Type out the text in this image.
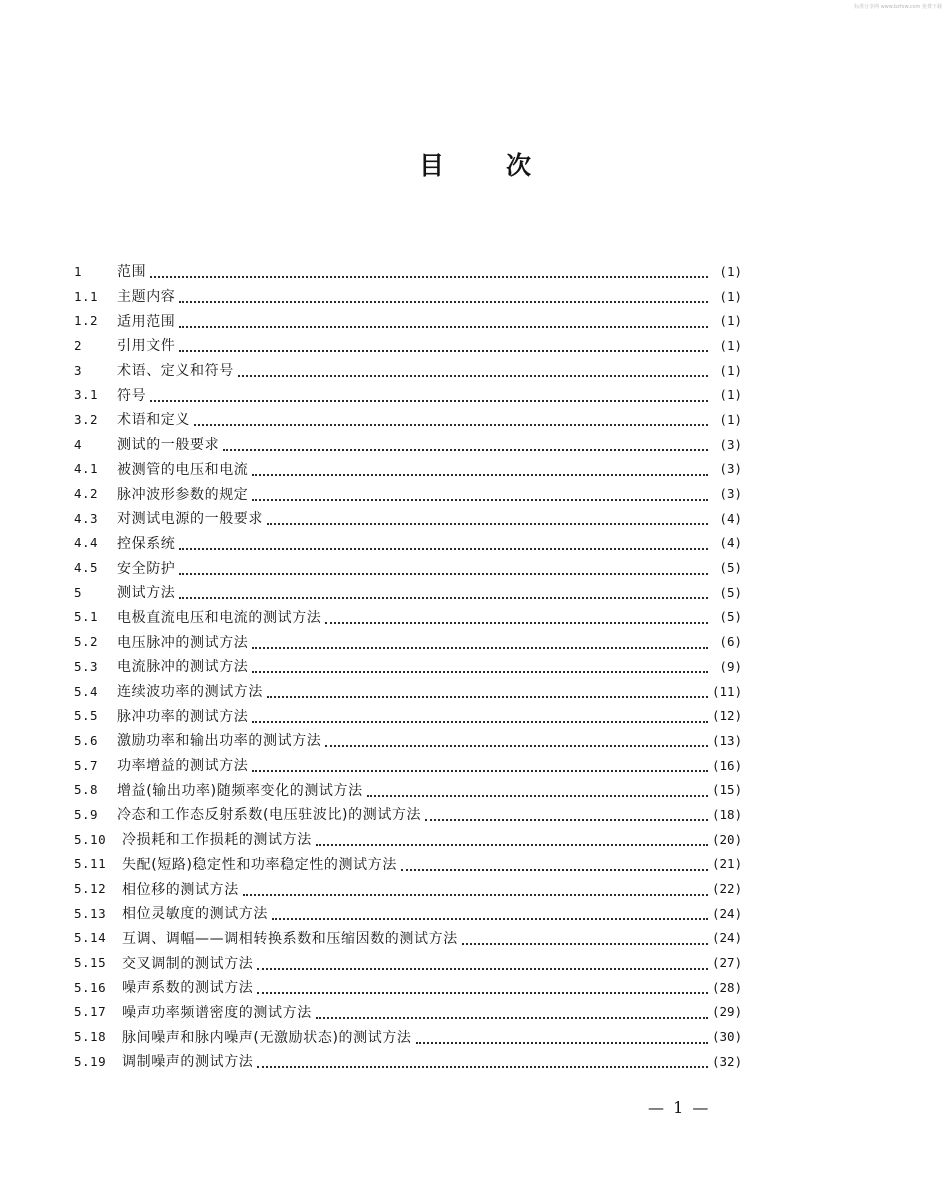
标准分享网 www.bzfxw.com 免费下载
目次
1	范围	(1)
1.1	主题内容	(1)
1.2	适用范围	(1)
2	引用文件	(1)
3	术语、定义和符号	(1)
3.1	符号	(1)
3.2	术语和定义	(1)
4	测试的一般要求	(3)
4.1	被测管的电压和电流	(3)
4.2	脉冲波形参数的规定	(3)
4.3	对测试电源的一般要求	(4)
4.4	控保系统	(4)
4.5	安全防护	(5)
5	测试方法	(5)
5.1	电极直流电压和电流的测试方法	(5)
5.2	电压脉冲的测试方法	(6)
5.3	电流脉冲的测试方法	(9)
5.4	连续波功率的测试方法	(11)
5.5	脉冲功率的测试方法	(12)
5.6	激励功率和输出功率的测试方法	(13)
5.7	功率增益的测试方法	(16)
5.8	增益(输出功率)随频率变化的测试方法	(15)
5.9	冷态和工作态反射系数(电压驻波比)的测试方法	(18)
5.10	冷损耗和工作损耗的测试方法	(20)
5.11	失配(短路)稳定性和功率稳定性的测试方法	(21)
5.12	相位移的测试方法	(22)
5.13	相位灵敏度的测试方法	(24)
5.14	互调、调幅——调相转换系数和压缩因数的测试方法	(24)
5.15	交叉调制的测试方法	(27)
5.16	噪声系数的测试方法	(28)
5.17	噪声功率频谱密度的测试方法	(29)
5.18	脉间噪声和脉内噪声(无激励状态)的测试方法	(30)
5.19	调制噪声的测试方法	(32)
— 1 —
